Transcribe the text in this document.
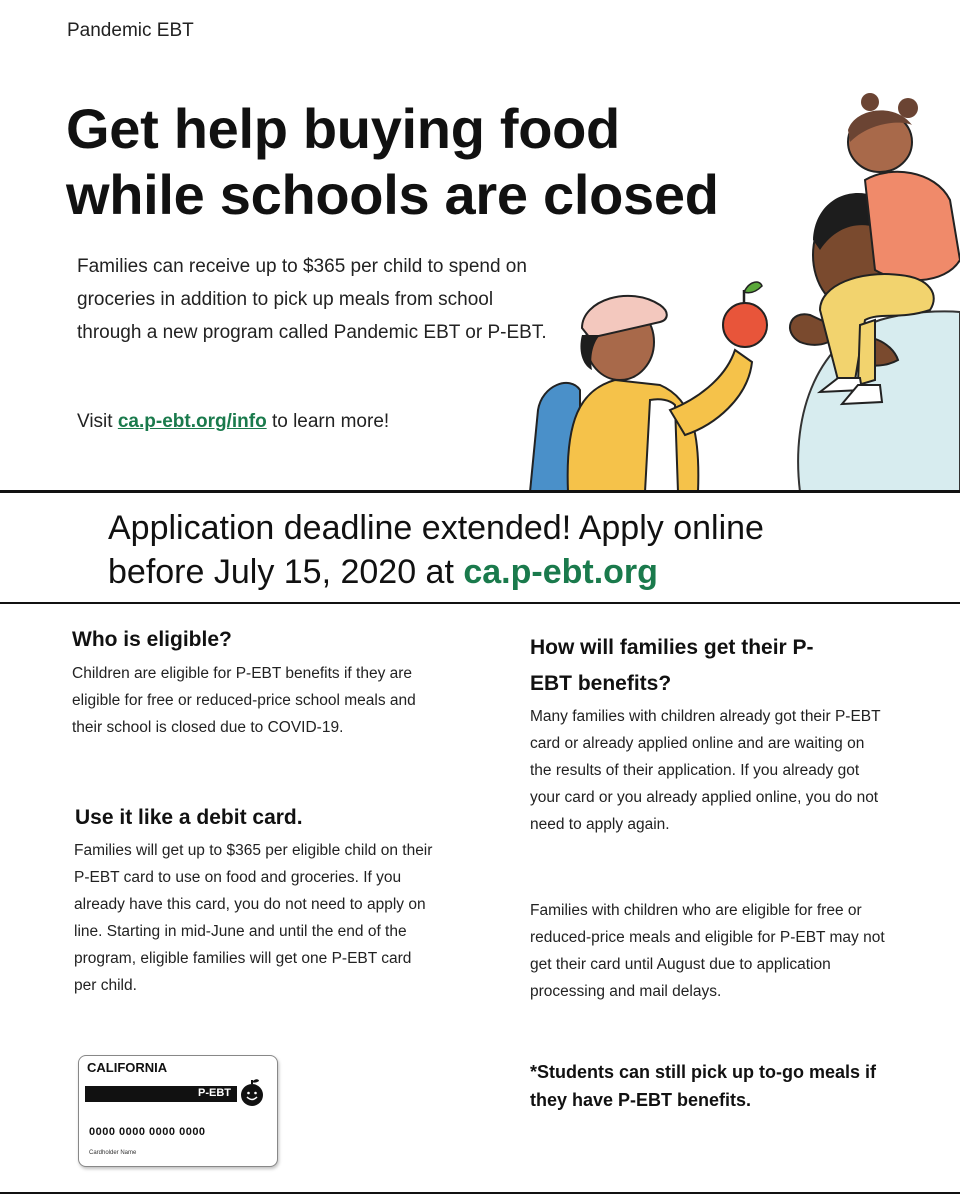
Pandemic EBT
Get help buying food
while schools are closed

Families can receive up to $365 per child to spend on groceries in addition to pick up meals from school through a new program called Pandemic EBT or P-EBT.

Visit ca.p-ebt.org/info to learn more!

Application deadline extended! Apply online
before July 15, 2020 at ca.p-ebt.org
Who is eligible?

Children are eligible for P-EBT benefits if they are eligible for free or reduced-price school meals and their school is closed due to COVID-19.

Use it like a debit card.

Families will get up to $365 per eligible child on their P-EBT card to use on food and groceries. If you already have this card, you do not need to apply on line. Starting in mid-June and until the end of the program, eligible families will get one P-EBT card per child.

How will families get their P-
EBT benefits?

Many families with children already got their P-EBT card or already applied online and are waiting on the results of their application. If you already got your card or you already applied online, you do not need to apply again.

Families with children who are eligible for free or reduced-price meals and eligible for P-EBT may not get their card until August due to application processing and mail delays.

*Students can still pick up to-go meals if they have P-EBT benefits.

CALIFORNIA
P-EBT
0000 0000 0000 0000
Cardholder Name
